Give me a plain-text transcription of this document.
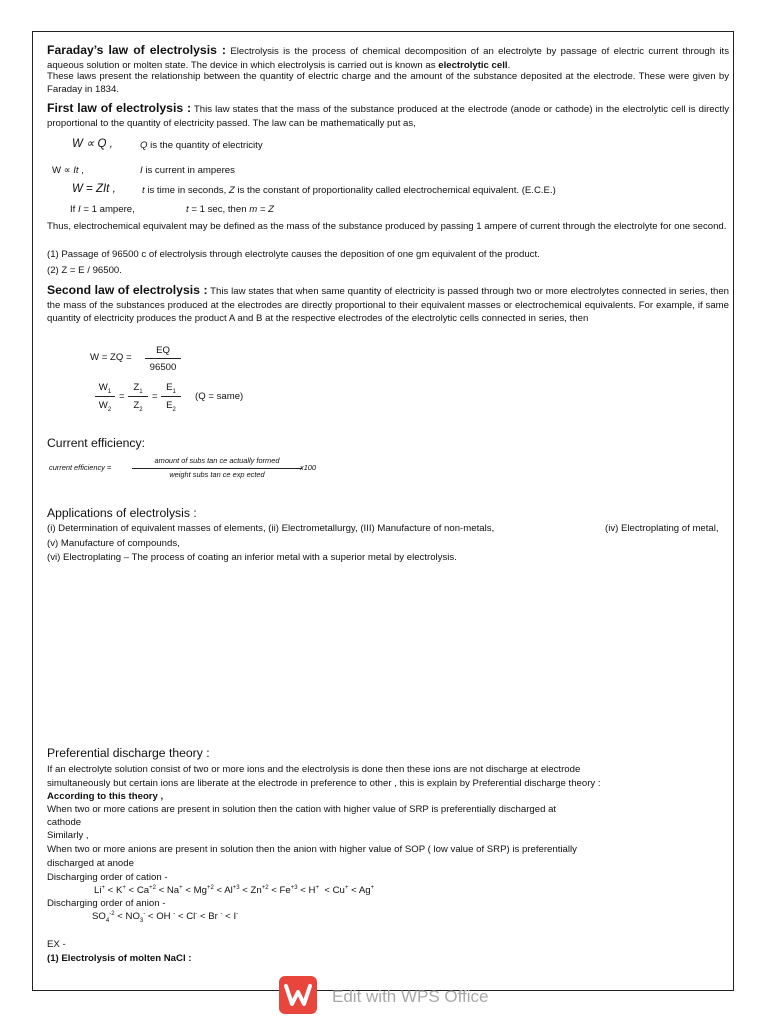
Faraday’s law of electrolysis : Electrolysis is the process of chemical decomposition of an electrolyte by passage of electric current through its aqueous solution or molten state. The device in which electrolysis is carried out is known as electrolytic cell.
These laws present the relationship between the quantity of electric charge and the amount of the substance deposited at the electrode. These were given by Faraday in 1834.
First law of electrolysis : This law states that the mass of the substance produced at the electrode (anode or cathode) in the electrolytic cell is directly proportional to the quantity of electricity passed. The law can be mathematically put as,
W ∝ Q ,	Q is the quantity of electricity
W ∝ It ,	I is current in amperes
W = ZIt ,	t is time in seconds, Z is the constant of proportionality called electrochemical equivalent. (E.C.E.)
If I = 1 ampere,	t = 1 sec, then m = Z
Thus, electrochemical equivalent may be defined as the mass of the substance produced by passing 1 ampere of current through the electrolyte for one second.
(1) Passage of 96500 c of electrolysis through electrolyte causes the deposition of one gm equivalent of the product.
(2) Z = E / 96500.
Second law of electrolysis : This law states that when same quantity of electricity is passed through two or more electrolytes connected in series, then the mass of the substances produced at the electrodes are directly proportional to their equivalent masses or electrochemical equivalents. For example, if same quantity of electricity produces the product A and B at the respective electrodes of the electrolytic cells connected in series, then
W = ZQ =
EQ
96500
$W_1$
$W_2$
=
$Z_1$
$Z_2$
=
$E_1$
$E_2$
(Q = same)
Current efficiency:
current efficiency =
amount of subs tan ce actually formed
weight subs tan ce exp ected
x100
Applications of electrolysis :
(i) Determination of equivalent masses of elements, (ii) Electrometallurgy, (III) Manufacture of non-metals,	(iv) Electroplating of metal,
(v) Manufacture of compounds,
(vi) Electroplating – The process of coating an inferior metal with a superior metal by electrolysis.
Preferential discharge theory :
If an electrolyte solution consist of two or more ions and the electrolysis is done then these ions are not discharge at electrode
simultaneously but certain ions are liberate at the electrode in preference to other , this is explain by Preferential discharge theory :
According to this theory ,
When two or more cations are present in solution then the cation with higher value of SRP is preferentially discharged at
cathode
Similarly ,
When two or more anions are present in solution then the anion with higher value of SOP ( low value of SRP) is preferentially
discharged at anode
Discharging order of cation -
$Li^+ < K^+ < Ca^{+2} < Na^+ < Mg^{+2} < Al^{+3} < Zn^{+2} < Fe^{+3} < H^+ < Cu^+ < Ag^+$
Discharging order of anion -
$SO_4^{-2} < NO_3^-$ < OH - < Cl- < Br - < I-
EX -
(1) Electrolysis of molten NaCl :
Edit with WPS Office
